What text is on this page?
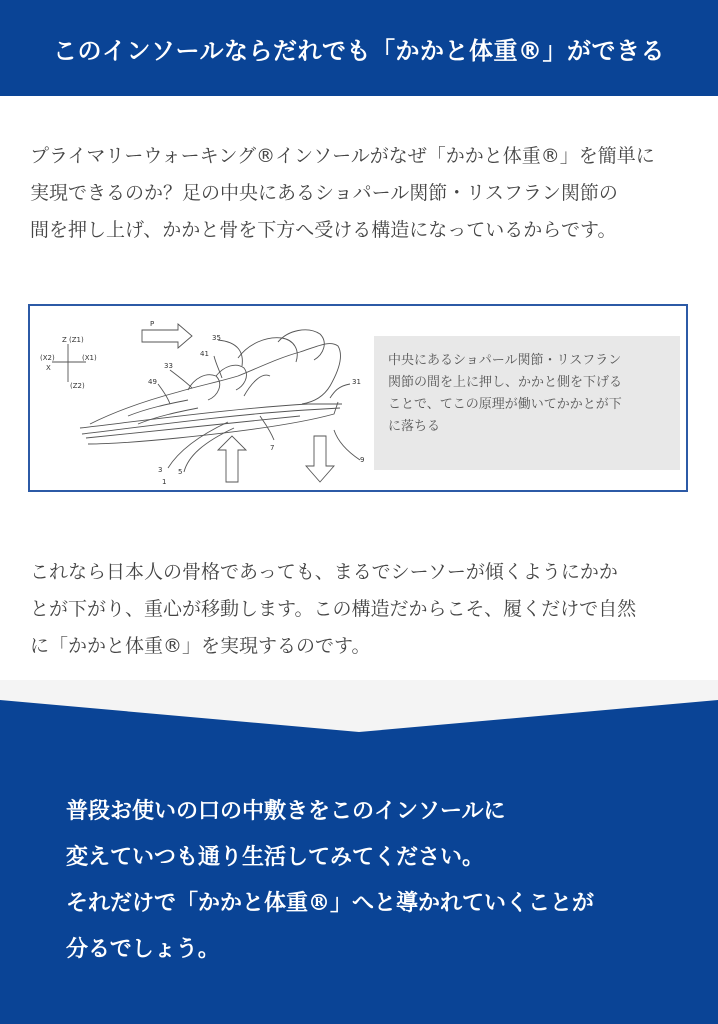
このインソールならだれでも「かかと体重®」ができる
プライマリーウォーキング®インソールがなぜ「かかと体重®」を簡単に
実現できるのか？足の中央にあるショパール関節・リスフラン関節の
間を押し上げ、かかと骨を下方へ受ける構造になっているからです。
Z (Z1)
(X2)	(X1)
X
(Z2)
P
35
41
33
49	31
7
9
3 5
1

中央にあるショパール関節・リスフラン

関節の間を上に押し、かかと側を下げる

ことで、てこの原理が働いてかかとが下

に落ちる

これなら日本人の骨格であっても、まるでシーソーが傾くようにかか
とが下がり、重心が移動します。この構造だからこそ、履くだけで自然
に「かかと体重®」を実現するのです。

普段お使いの口の中敷きをこのインソールに

変えていつも通り生活してみてください。

それだけで「かかと体重®」へと導かれていくことが

分るでしょう。
